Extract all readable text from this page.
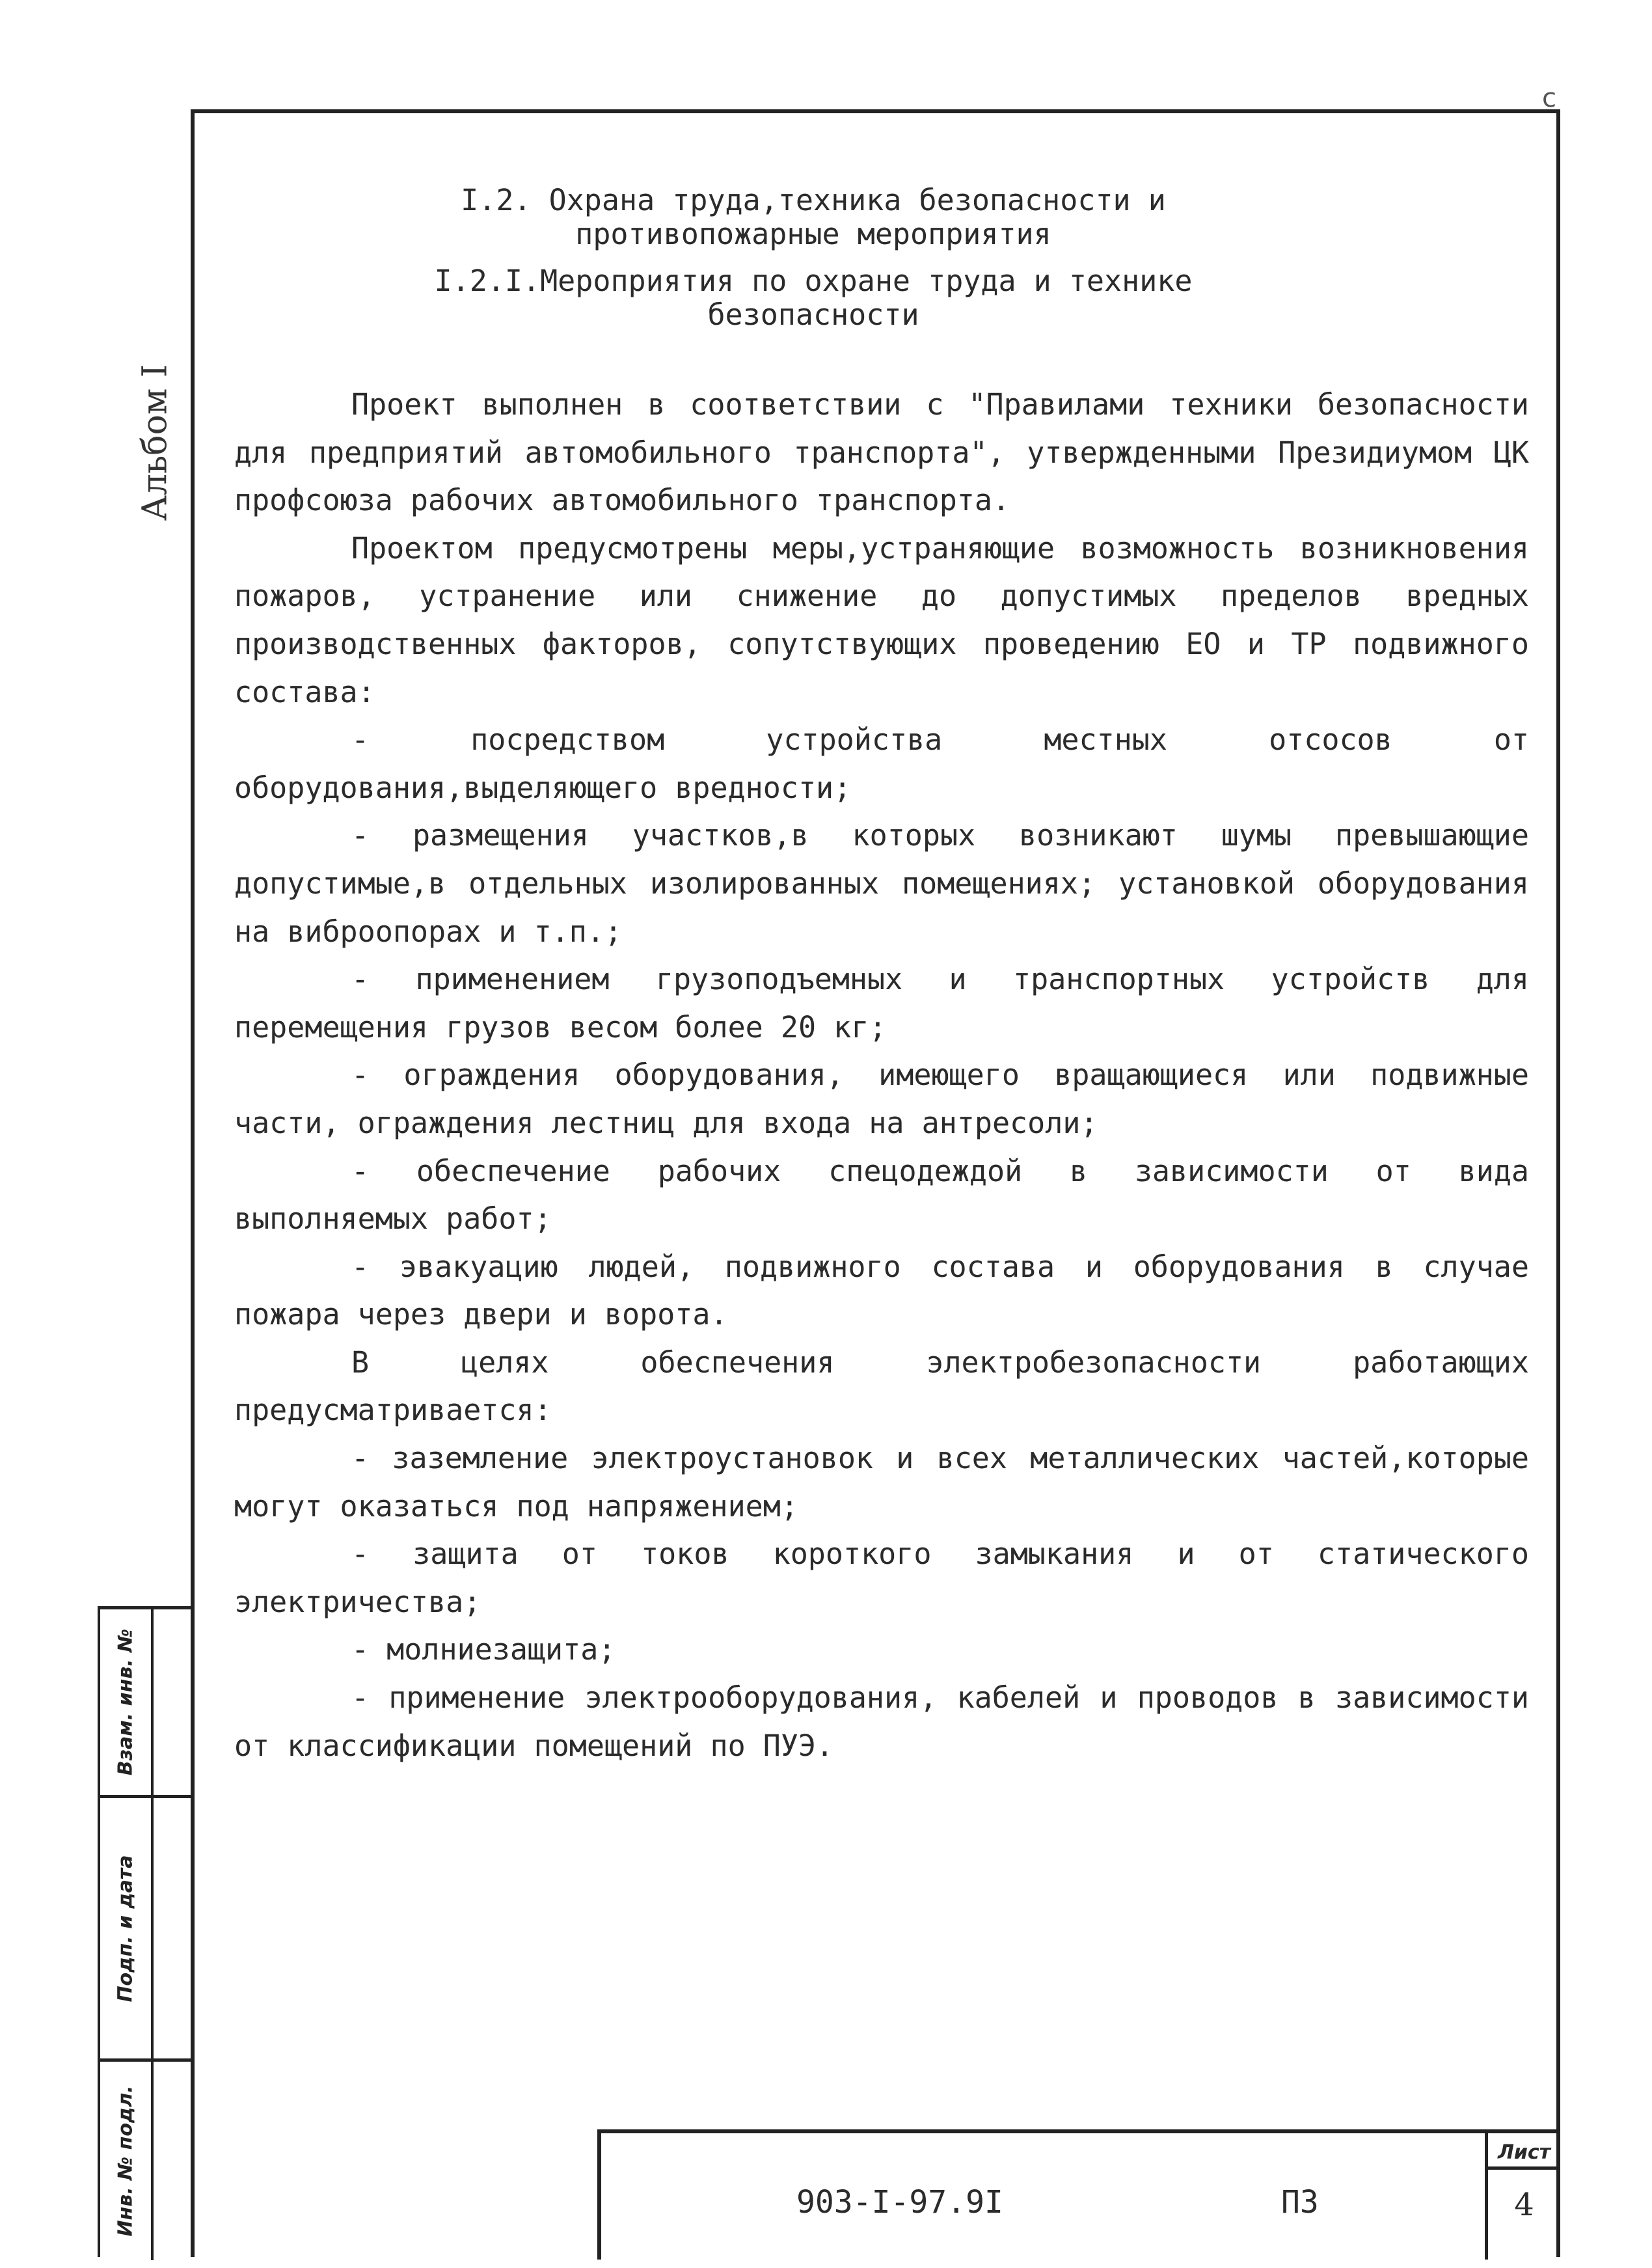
с
Альбом I
I.2. Охрана труда,техника безопасности и
противопожарные мероприятия
I.2.I.Мероприятия по охране труда и технике
безопасности

Проект выполнен в соответствии с "Правилами техники безопасности для предприятий автомобильного транспорта", утвержденными Президиумом ЦК профсоюза рабочих автомобильного транспорта.

Проектом предусмотрены меры,устраняющие возможность возникновения пожаров, устранение или снижение до допустимых пределов вредных производственных факторов, сопутствующих проведению ЕО и ТР подвижного состава:

- посредством устройства местных отсосов от оборудования,выделяющего вредности;

- размещения участков,в которых возникают шумы превышающие допустимые,в отдельных изолированных помещениях; установкой оборудования на виброопорах и т.п.;

- применением грузоподъемных и транспортных устройств для перемещения грузов весом более 20 кг;

- ограждения оборудования, имеющего вращающиеся или подвижные части, ограждения лестниц для входа на антресоли;

- обеспечение рабочих спецодеждой в зависимости от вида выполняемых работ;

- эвакуацию людей, подвижного состава и оборудования в случае пожара через двери и ворота.

В целях обеспечения электробезопасности работающих предусматривается:

- заземление электроустановок и всех металлических частей,которые могут оказаться под напряжением;

- защита от токов короткого замыкания и от статического электричества;

- молниезащита;

- применение электрооборудования, кабелей и проводов в зависимости от классификации помещений по ПУЭ.

Взам. инв. №
Подп. и дата
Инв. № подл.	903-I-97.9I	ПЗ
Лист
4
